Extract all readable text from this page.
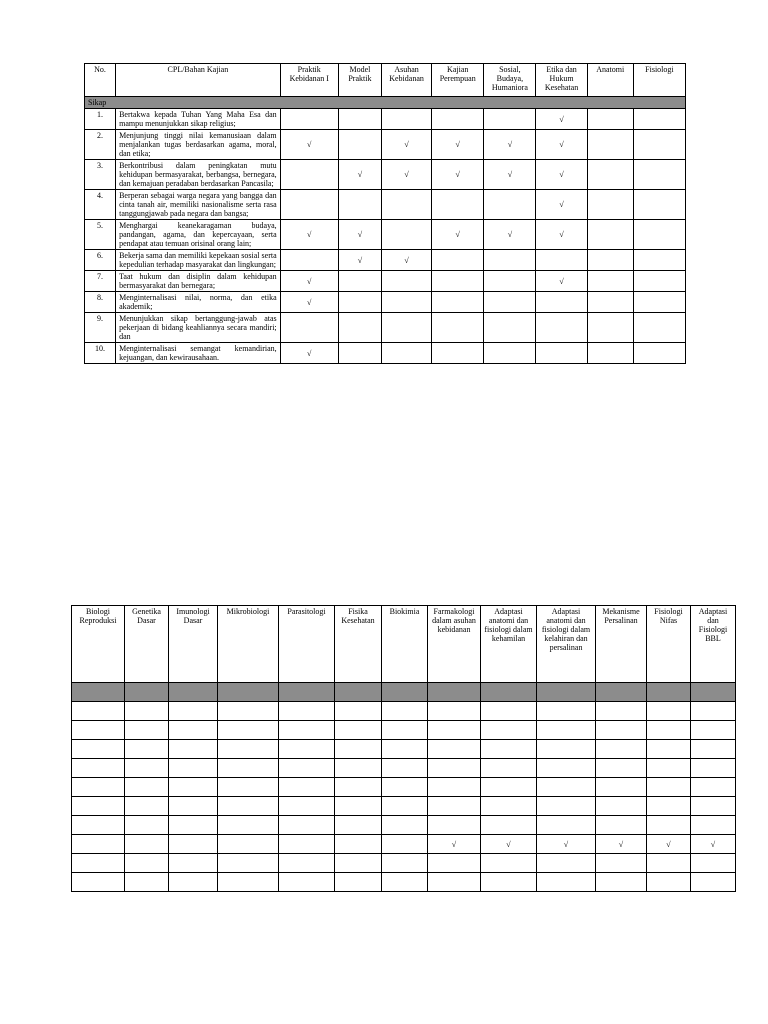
No.	CPL/Bahan Kajian	Praktik Kebidanan I	Model Praktik	Asuhan Kebidanan	Kajian Perempuan	Sosial, Budaya, Humaniora	Etika dan Hukum Kesehatan	Anatomi	Fisiologi
Sikap									
1.	Bertakwa kepada Tuhan Yang Maha Esa dan mampu menunjukkan sikap religius;						√		
2.	Menjunjung tinggi nilai kemanusiaan dalam menjalankan tugas berdasarkan agama, moral, dan etika;	√		√	√	√	√		
3.	Berkontribusi dalam peningkatan mutu kehidupan bermasyarakat, berbangsa, bernegara, dan kemajuan peradaban berdasarkan Pancasila;		√	√	√	√	√		
4.	Berperan sebagai warga negara yang bangga dan cinta tanah air, memiliki nasionalisme serta rasa tanggungjawab pada negara dan bangsa;						√		
5.	Menghargai keanekaragaman budaya, pandangan, agama, dan kepercayaan, serta pendapat atau temuan orisinal orang lain;	√	√		√	√	√		
6.	Bekerja sama dan memiliki kepekaan sosial serta kepedulian terhadap masyarakat dan lingkungan;		√	√					
7.	Taat hukum dan disiplin dalam kehidupan bermasyarakat dan bernegara;	√					√		
8.	Menginternalisasi nilai, norma, dan etika akademik;	√							
9.	Menunjukkan sikap bertanggung-jawab atas pekerjaan di bidang keahliannya secara mandiri; dan								
10.	Menginternalisasi semangat kemandirian, kejuangan, dan kewirausahaan.	√							
Biologi Reproduksi	Genetika Dasar	Imunologi Dasar	Mikrobiologi	Parasitologi	Fisika Kesehatan	Biokimia	Farmakologi dalam asuhan kebidanan	Adaptasi anatomi dan fisiologi dalam kehamilan	Adaptasi anatomi dan fisiologi dalam kelahiran dan persalinan	Mekanisme Persalinan	Fisiologi Nifas	Adaptasi dan Fisiologi BBL

							√	√	√	√	√	√
